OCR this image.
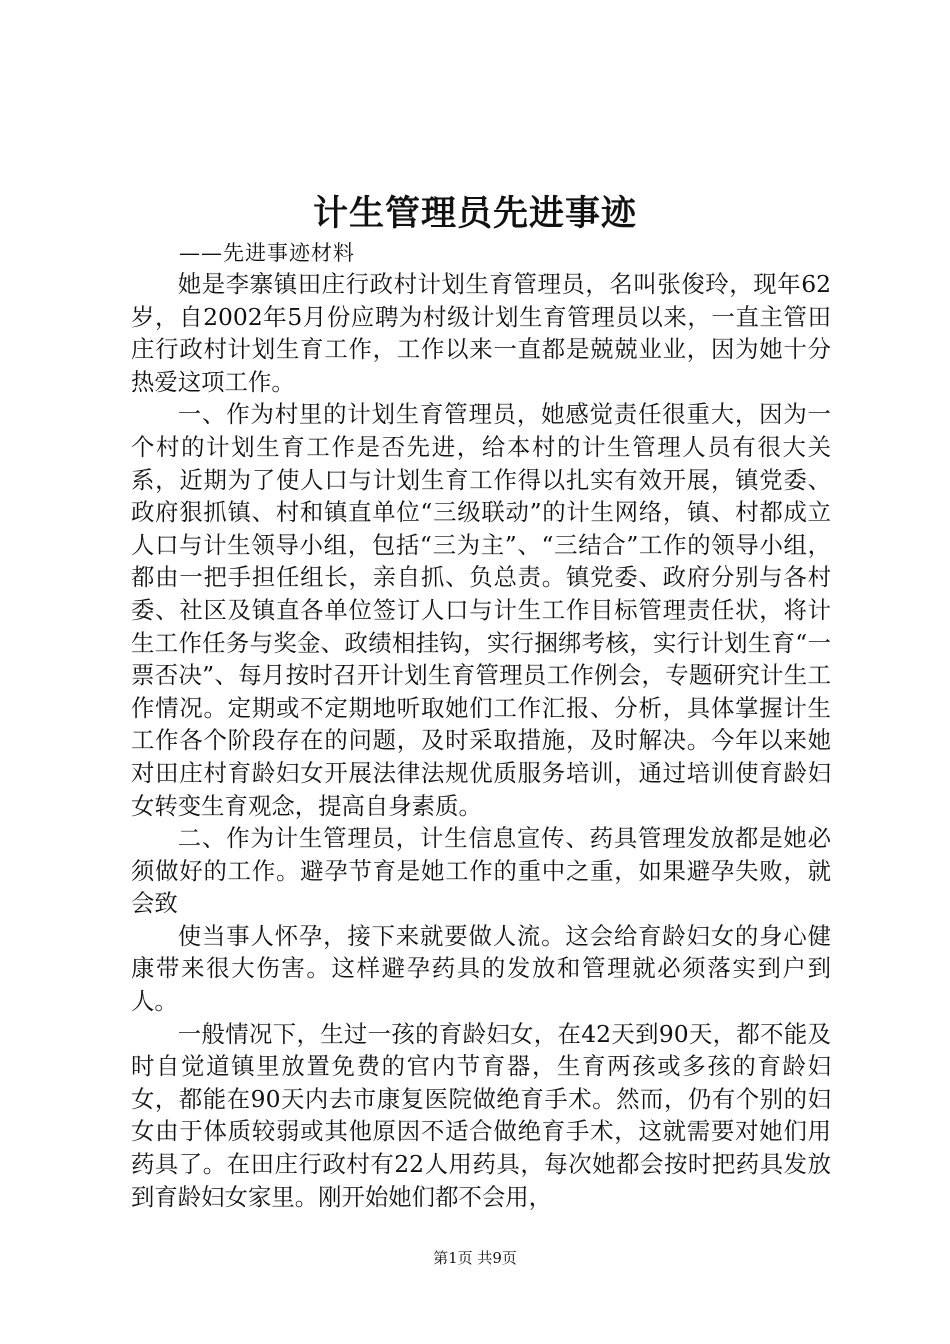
计生管理员先进事迹

——先进事迹材料

她是李寨镇田庄行政村计划生育管理员，名叫张俊玲，现年62岁，自2002年5月份应聘为村级计划生育管理员以来，一直主管田庄行政村计划生育工作，工作以来一直都是兢兢业业，因为她十分热爱这项工作。

一、作为村里的计划生育管理员，她感觉责任很重大，因为一个村的计划生育工作是否先进，给本村的计生管理人员有很大关系，近期为了使人口与计划生育工作得以扎实有效开展，镇党委、政府狠抓镇、村和镇直单位“三级联动”的计生网络，镇、村都成立人口与计生领导小组，包括“三为主”、“三结合”工作的领导小组，都由一把手担任组长，亲自抓、负总责。镇党委、政府分别与各村委、社区及镇直各单位签订人口与计生工作目标管理责任状，将计生工作任务与奖金、政绩相挂钩，实行捆绑考核，实行计划生育“一票否决”、每月按时召开计划生育管理员工作例会，专题研究计生工作情况。定期或不定期地听取她们工作汇报、分析，具体掌握计生工作各个阶段存在的问题，及时采取措施，及时解决。今年以来她对田庄村育龄妇女开展法律法规优质服务培训，通过培训使育龄妇女转变生育观念，提高自身素质。

二、作为计生管理员，计生信息宣传、药具管理发放都是她必须做好的工作。避孕节育是她工作的重中之重，如果避孕失败，就会致

使当事人怀孕，接下来就要做人流。这会给育龄妇女的身心健康带来很大伤害。这样避孕药具的发放和管理就必须落实到户到人。

一般情况下，生过一孩的育龄妇女，在42天到90天，都不能及时自觉道镇里放置免费的官内节育器，生育两孩或多孩的育龄妇女，都能在90天内去市康复医院做绝育手术。然而，仍有个别的妇女由于体质较弱或其他原因不适合做绝育手术，这就需要对她们用药具了。在田庄行政村有22人用药具，每次她都会按时把药具发放到育龄妇女家里。刚开始她们都不会用，

第1页 共9页
